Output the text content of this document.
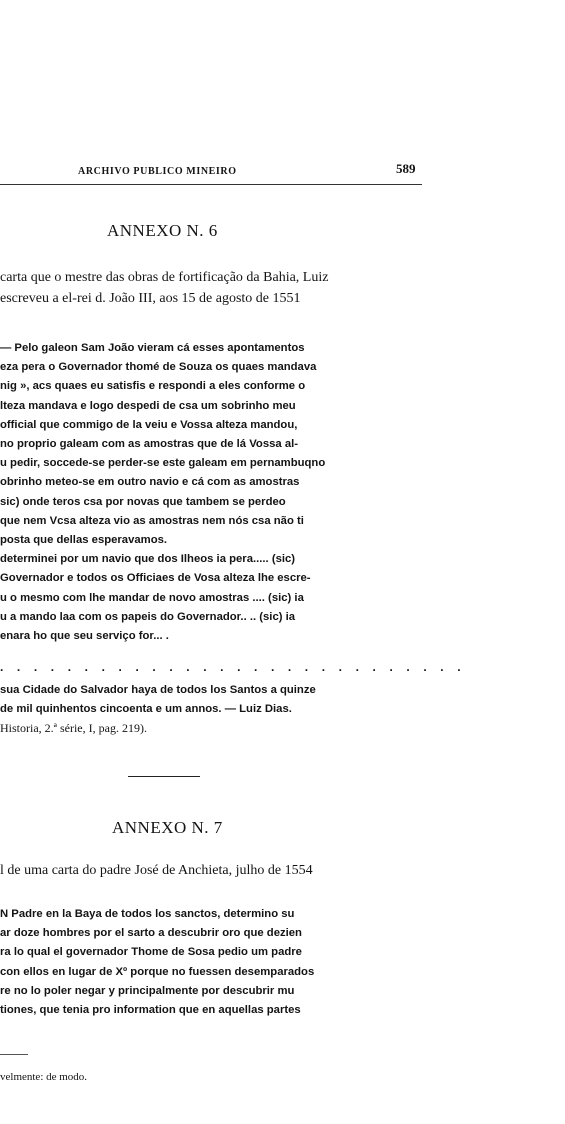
ARCHIVO PUBLICO MINEIRO	589
ANNEXO N. 6
carta que o mestre das obras de fortificação da Bahia, Luiz
escreveu a el-rei d. João III, aos 15 de agosto de 1551
— Pelo galeon Sam João vieram cá esses apontamentos
eza pera o Governador thomé de Souza os quaes mandava
nig », acs quaes eu satisfis e respondi a eles conforme o
lteza mandava e logo despedi de csa um sobrinho meu
official que commigo de la veiu e Vossa alteza mandou,
no proprio galeam com as amostras que de lá Vossa al-
u pedir, soccede-se perder-se este galeam em pernambuqno
obrinho meteo-se em outro navio e cá com as amostras
sic) onde teros csa por novas que tambem se perdeo
que nem Vcsa alteza vio as amostras nem nós csa não ti
posta que dellas esperavamos.
determinei por um navio que dos Ilheos ia pera..... (sic)
Governador e todos os Officiaes de Vosa alteza lhe escre-
u o mesmo com lhe mandar de novo amostras .... (sic) ia
u a mando laa com os papeis do Governador.. .. (sic) ia
enara ho que seu serviço for... .
............................
sua Cidade do Salvador haya de todos los Santos a quinze
de mil quinhentos cincoenta e um annos. — Luiz Dias.
Historia, 2.ª série, I, pag. 219).
ANNEXO N. 7
l de uma carta do padre José de Anchieta, julho de 1554
N Padre en la Baya de todos los sanctos, determino su
ar doze hombres por el sarto a descubrir oro que dezien
ra lo qual el governador Thome de Sosa pedio um padre
con ellos en lugar de Xº porque no fuessen desemparados
re no lo poler negar y principalmente por descubrir mu
tiones, que tenia pro information que en aquellas partes
velmente: de modo.
